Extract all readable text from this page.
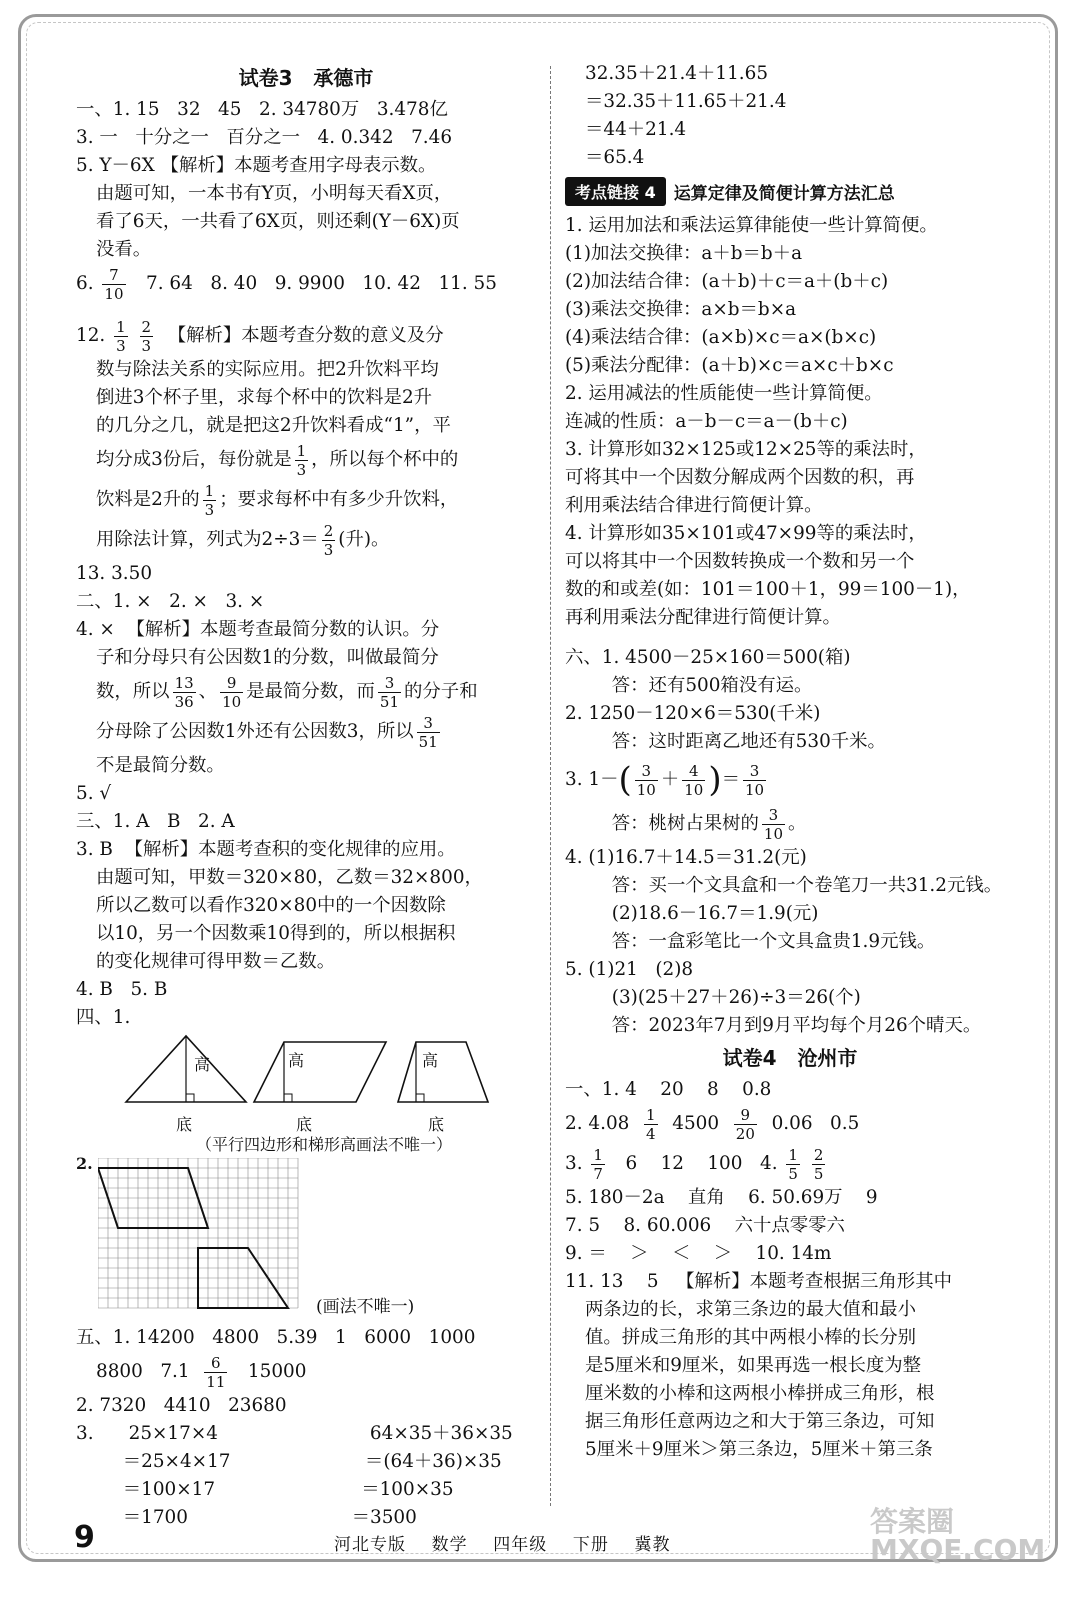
试卷3   承德市
一、1. 15   32   45   2. 34780万   3.478亿
3. 一   十分之一   百分之一   4. 0.342   7.46
5. Y－6X 【解析】本题考查用字母表示数。
由题可知，一本书有Y页，小明每天看X页，
看了6天，一共看了6X页，则还剩(Y－6X)页
没看。
6. $\frac{7}{10} 7$. 64   8. 40   9. 9900   10. 42   11. 55
12. $\frac{1}{3}$
$\frac{2}{3}$ 【解析】本题考查分数的意义及分
数与除法关系的实际应用。把2升饮料平均
倒进3个杯子里，求每个杯中的饮料是2升
的几分之几，就是把这2升饮料看成“1”，平
均分成3份后，每份就是 $\frac{1}{3}$ ，所以每个杯中的
饮料是2升的 $\frac{1}{3}$ ；要求每杯中有多少升饮料，
用除法计算，列式为$2\div 3= \frac{2}{3}$ (升)。
13. 3.50
二、1. ×   2. ×   3. ×
4. ×  【解析】本题考查最简分数的认识。分
子和分母只有公因数1的分数，叫做最简分
数，所以 $\frac{13}{36}$ 、 $\frac{9}{10}$ 是最简分数，而 $\frac{3}{51}$ 的分子和
分母除了公因数1外还有公因数3，所以 $\frac{3}{51}$
不是最简分数。
5. √
三、1. A   B   2. A
3. B  【解析】本题考查积的变化规律的应用。
由题可知，甲数＝320×80，乙数＝32×800，
所以乙数可以看作320×80中的一个因数除
以10，另一个因数乘10得到的，所以根据积
的变化规律可得甲数＝乙数。
4. B   5. B
四、1.
高	高	高
底	底	底
（平行四边形和梯形高画法不唯一）
2.
(画法不唯一)
五、1. 14200   4800   5.39   1   6000   1000
8800   $7.1 \frac{6}{11} 15000$
2. 7320   4410   23680
3.      25×17×4                          64×35＋36×35
＝25×4×17                       ＝(64＋36)×35
＝100×17                         ＝100×35
＝1700                            ＝3500
32.35＋21.4＋11.65
＝32.35＋11.65＋21.4
＝44＋21.4
＝65.4
考点链接 4	运算定律及简便计算方法汇总
1. 运用加法和乘法运算律能使一些计算简便。
(1)加法交换律：a＋b＝b＋a
(2)加法结合律：(a＋b)＋c＝a＋(b＋c)
(3)乘法交换律：a×b＝b×a
(4)乘法结合律：(a×b)×c＝a×(b×c)
(5)乘法分配律：(a＋b)×c＝a×c＋b×c
2. 运用减法的性质能使一些计算简便。
连减的性质：a－b－c＝a－(b＋c)
3. 计算形如32×125或12×25等的乘法时，
可将其中一个因数分解成两个因数的积，再
利用乘法结合律进行简便计算。
4. 计算形如35×101或47×99等的乘法时，
可以将其中一个因数转换成一个数和另一个
数的和或差(如：101＝100＋1，99＝100－1)，
再利用乘法分配律进行简便计算。
六、1. 4500－25×160＝500(箱)
答：还有500箱没有运。
2. 1250－120×6＝530(千米)
答：这时距离乙地还有530千米。
3. $1-( \frac{3}{10} + \frac{4}{10}$ )＝ $\frac{3}{10}$
答：桃树占果树的 $\frac{3}{10}$ 。
4. (1)16.7＋14.5＝31.2(元)
答：买一个文具盒和一个卷笔刀一共31.2元钱。
(2)18.6－16.7＝1.9(元)
答：一盒彩笔比一个文具盒贵1.9元钱。
5. (1)21   (2)8
(3)(25＋27＋26)÷3＝26(个)
答：2023年7月到9月平均每个月26个晴天。
试卷4   沧州市
一、1. 4    20    8    0.8
2. $4.08 \frac{1}{4} 4500 \frac{9}{20} 0.06$   0.5
3. $\frac{1}{7} 6$    12    100   4. $\frac{1}{5}$
$\frac{2}{5}$
5. 180－2a    直角    6. 50.69万    9
7. 5    8. 60.006    六十点零零六
9. ＝    ＞    ＜    ＞    10. 14m
11. 13    5   【解析】本题考查根据三角形其中
两条边的长，求第三条边的最大值和最小
值。拼成三角形的其中两根小棒的长分别
是5厘米和9厘米，如果再选一根长度为整
厘米数的小棒和这两根小棒拼成三角形，根
据三角形任意两边之和大于第三条边，可知
5厘米＋9厘米＞第三条边，5厘米＋第三条
9	河北专版    数学    四年级    下册    冀教
答案圈 MXQE.COM
